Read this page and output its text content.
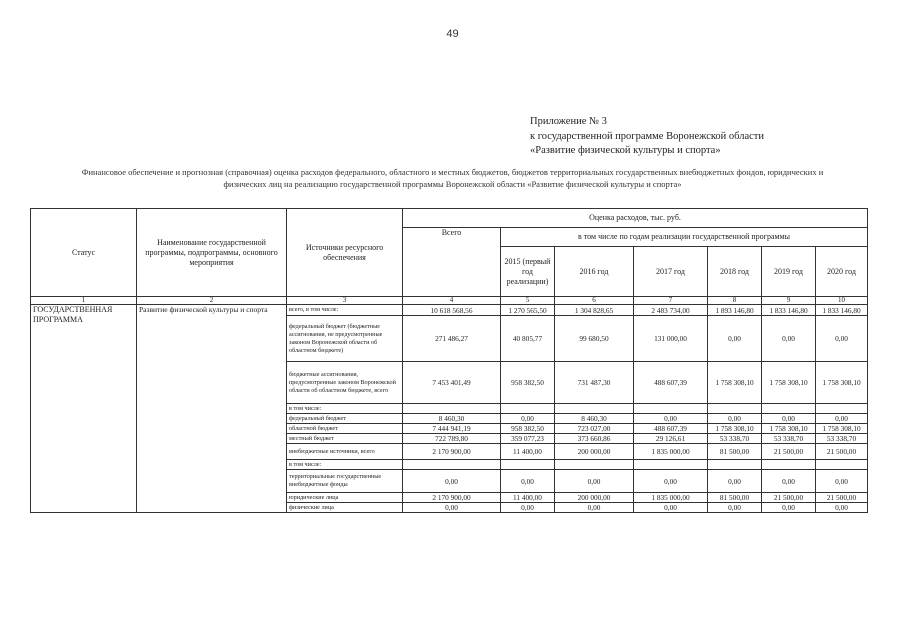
49
Приложение № 3
к государственной программе Воронежской области
«Развитие физической культуры и спорта»
Финансовое обеспечение и прогнозная (справочная) оценка расходов федерального, областного и местных бюджетов, бюджетов территориальных государственных внебюджетных фондов, юридических и
физических лиц на реализацию государственной программы Воронежской области «Развитие физической культуры и спорта»
Статус	Наименование государственной программы, подпрограммы, основного мероприятия	Источники ресурсного обеспечения	Оценка расходов, тыс. руб.						
			Всего	в том числе по годам реализации государственной программы					
				2015 (первый год реализации)	2016 год	2017 год	2018 год	2019 год	2020 год
1	2	3	4	5	6	7	8	9	10
ГОСУДАРСТВЕННАЯ ПРОГРАММА	Развитие физической культуры и спорта	всего, в том числе:	10 618 568,56	1 270 565,50	1 304 828,65	2 483 734,00	1 893 146,80	1 833 146,80	1 833 146,80
		федеральный бюджет (бюджетные ассигнования, не предусмотренные законом Воронежской области об областном бюджете)	271 486,27	40 805,77	99 680,50	131 000,00	0,00	0,00	0,00
		бюджетные ассигнования, предусмотренные законом Воронежской области об областном бюджете, всего	7 453 401,49	958 382,50	731 487,30	488 607,39	1 758 308,10	1 758 308,10	1 758 308,10
		в том числе:							
		федеральный бюджет	8 460,30	0,00	8 460,30	0,00	0,00	0,00	0,00
		областной бюджет	7 444 941,19	958 382,50	723 027,00	488 607,39	1 758 308,10	1 758 308,10	1 758 308,10
		местный бюджет	722 789,80	359 077,23	373 660,86	29 126,61	53 338,70	53 338,70	53 338,70
		внебюджетные источники, всего	2 170 900,00	11 400,00	200 000,00	1 835 000,00	81 500,00	21 500,00	21 500,00
		в том числе:							
		территориальные государственные внебюджетные фонды	0,00	0,00	0,00	0,00	0,00	0,00	0,00
		юридические лица	2 170 900,00	11 400,00	200 000,00	1 835 000,00	81 500,00	21 500,00	21 500,00
		физические лица	0,00	0,00	0,00	0,00	0,00	0,00	0,00
